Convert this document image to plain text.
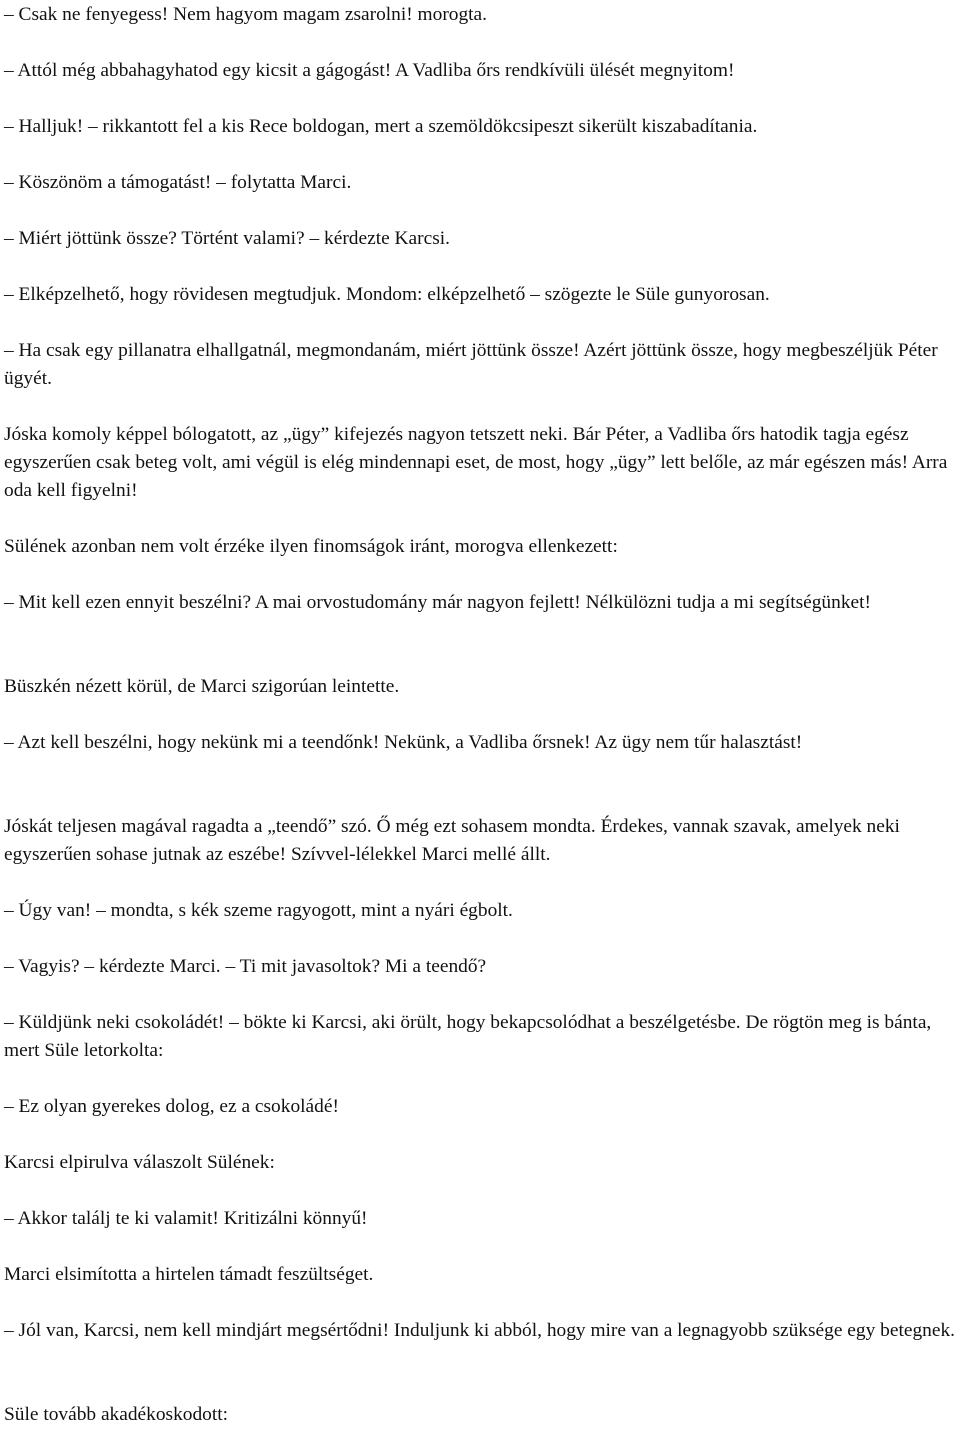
– Csak ne fenyegess! Nem hagyom magam zsarolni! morogta.

– Attól még abbahagyhatod egy kicsit a gágogást! A Vadliba őrs rendkívüli ülését megnyitom!

– Halljuk! – rikkantott fel a kis Rece boldogan, mert a szemöldökcsipeszt sikerült kiszabadítania.

– Köszönöm a támogatást! – folytatta Marci.

– Miért jöttünk össze? Történt valami? – kérdezte Karcsi.

– Elképzelhető, hogy rövidesen megtudjuk. Mondom: elképzelhető – szögezte le Süle gunyorosan.

– Ha csak egy pillanatra elhallgatnál, megmondanám, miért jöttünk össze! Azért jöttünk össze, hogy megbeszéljük Péter ügyét.

Jóska komoly képpel bólogatott, az „ügy” kifejezés nagyon tetszett neki. Bár Péter, a Vadliba őrs hatodik tagja egész egyszerűen csak beteg volt, ami végül is elég mindennapi eset, de most, hogy „ügy” lett belőle, az már egészen más! Arra oda kell figyelni!

Sülének azonban nem volt érzéke ilyen finomságok iránt, morogva ellenkezett:

– Mit kell ezen ennyit beszélni? A mai orvostudomány már nagyon fejlett! Nélkülözni tudja a mi segítségünket!

Büszkén nézett körül, de Marci szigorúan leintette.

– Azt kell beszélni, hogy nekünk mi a teendőnk! Nekünk, a Vadliba őrsnek! Az ügy nem tűr halasztást!

Jóskát teljesen magával ragadta a „teendő” szó. Ő még ezt sohasem mondta. Érdekes, vannak szavak, amelyek neki egyszerűen sohase jutnak az eszébe! Szívvel-lélekkel Marci mellé állt.

– Úgy van! – mondta, s kék szeme ragyogott, mint a nyári égbolt.

– Vagyis? – kérdezte Marci. – Ti mit javasoltok? Mi a teendő?

– Küldjünk neki csokoládét! – bökte ki Karcsi, aki örült, hogy bekapcsolódhat a beszélgetésbe. De rögtön meg is bánta, mert Süle letorkolta:

– Ez olyan gyerekes dolog, ez a csokoládé!

Karcsi elpirulva válaszolt Sülének:

– Akkor találj te ki valamit! Kritizálni könnyű!

Marci elsimította a hirtelen támadt feszültséget.

– Jól van, Karcsi, nem kell mindjárt megsértődni! Induljunk ki abból, hogy mire van a legnagyobb szüksége egy betegnek.

Süle tovább akadékoskodott:
